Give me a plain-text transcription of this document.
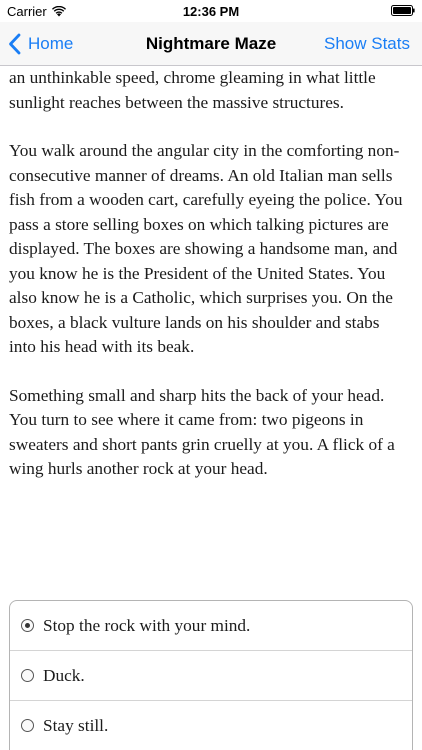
Carrier	12:36 PM
Home	Nightmare Maze	Show Stats

an unthinkable speed, chrome gleaming in what little sunlight reaches between the massive structures.

You walk around the angular city in the comforting non-consecutive manner of dreams. An old Italian man sells fish from a wooden cart, carefully eyeing the police. You pass a store selling boxes on which talking pictures are displayed. The boxes are showing a handsome man, and you know he is the President of the United States. You also know he is a Catholic, which surprises you. On the boxes, a black vulture lands on his shoulder and stabs into his head with its beak.

Something small and sharp hits the back of your head. You turn to see where it came from: two pigeons in sweaters and short pants grin cruelly at you. A flick of a wing hurls another rock at your head.

Stop the rock with your mind.
Duck.
Stay still.
